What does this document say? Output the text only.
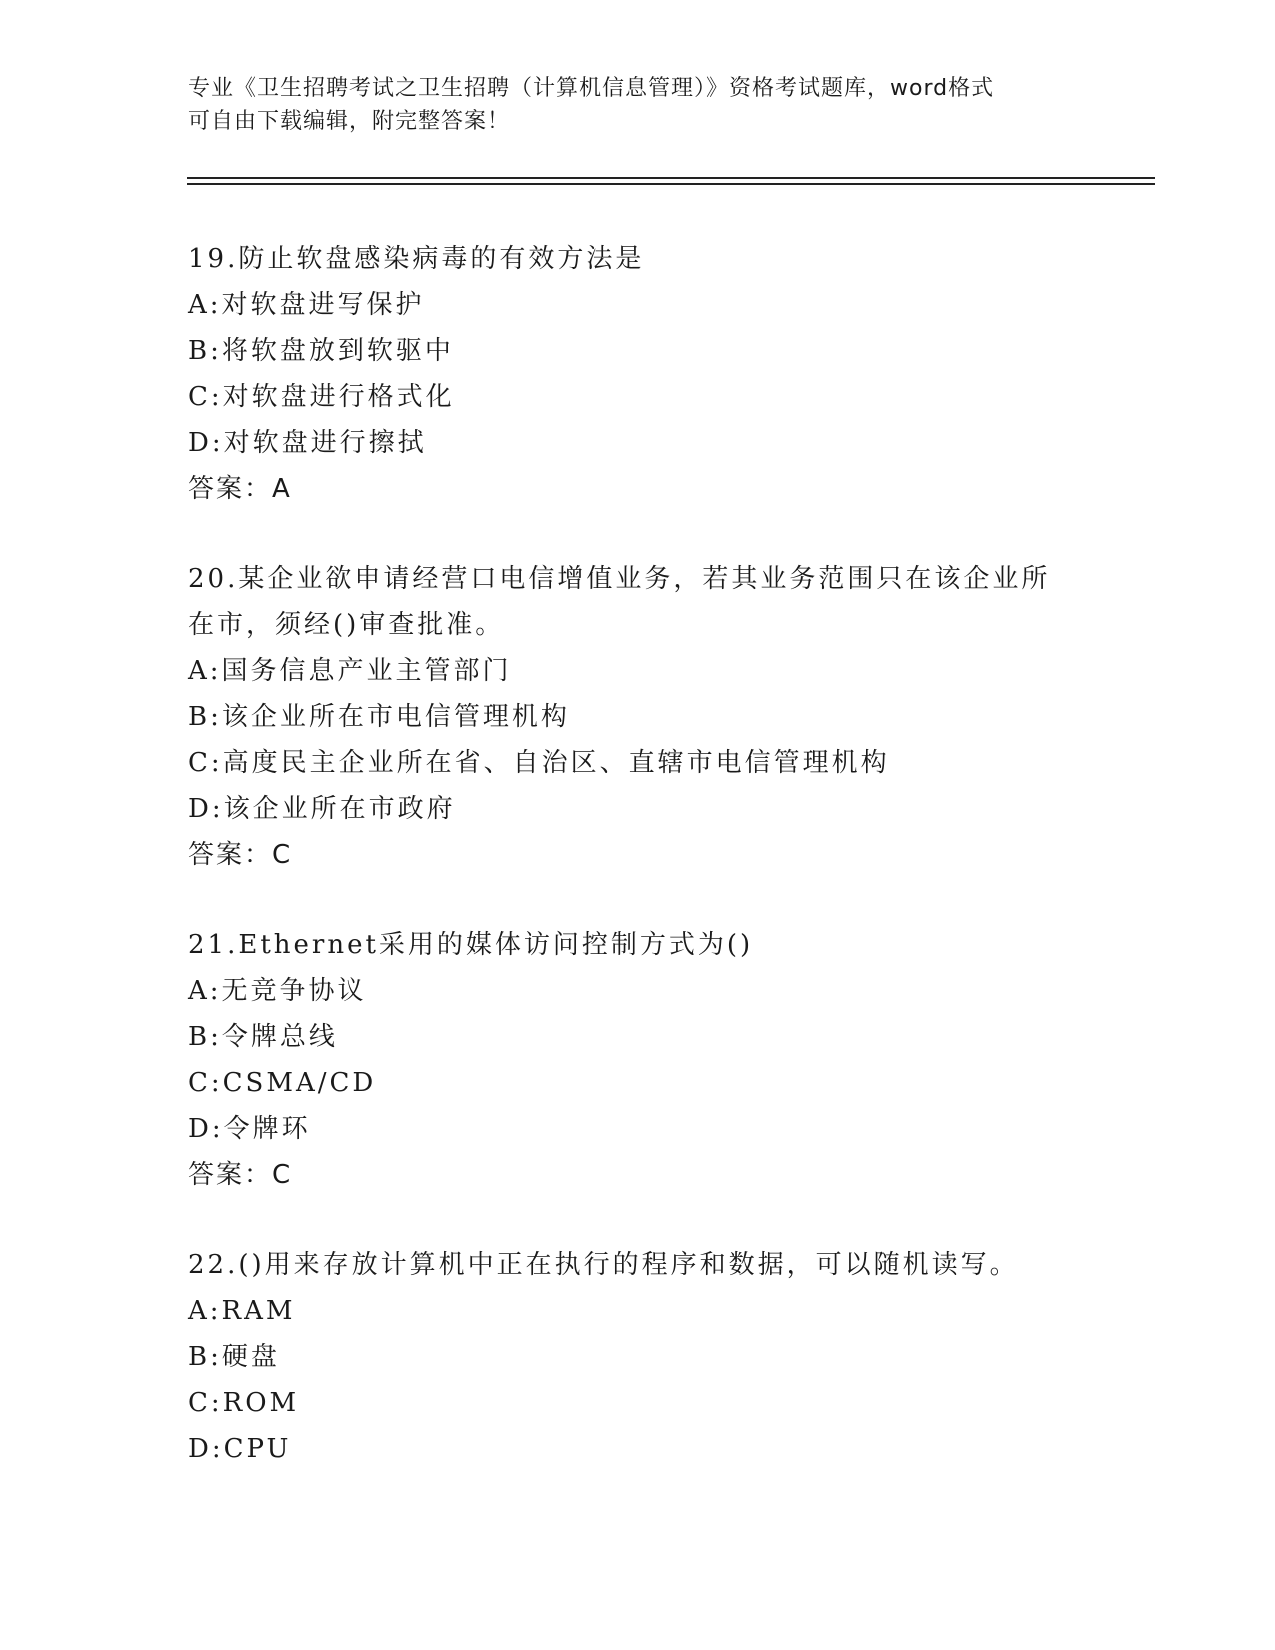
专业《卫生招聘考试之卫生招聘（计算机信息管理）》资格考试题库，word格式
可自由下载编辑，附完整答案！
19.防止软盘感染病毒的有效方法是
A:对软盘进写保护
B:将软盘放到软驱中
C:对软盘进行格式化
D:对软盘进行擦拭
答案：A
20.某企业欲申请经营口电信增值业务，若其业务范围只在该企业所在市，须经()审查批准。
A:国务信息产业主管部门
B:该企业所在市电信管理机构
C:高度民主企业所在省、自治区、直辖市电信管理机构
D:该企业所在市政府
答案：C
21.Ethernet采用的媒体访问控制方式为()
A:无竞争协议
B:令牌总线
C:CSMA/CD
D:令牌环
答案：C
22.()用来存放计算机中正在执行的程序和数据，可以随机读写。
A:RAM
B:硬盘
C:ROM
D:CPU
